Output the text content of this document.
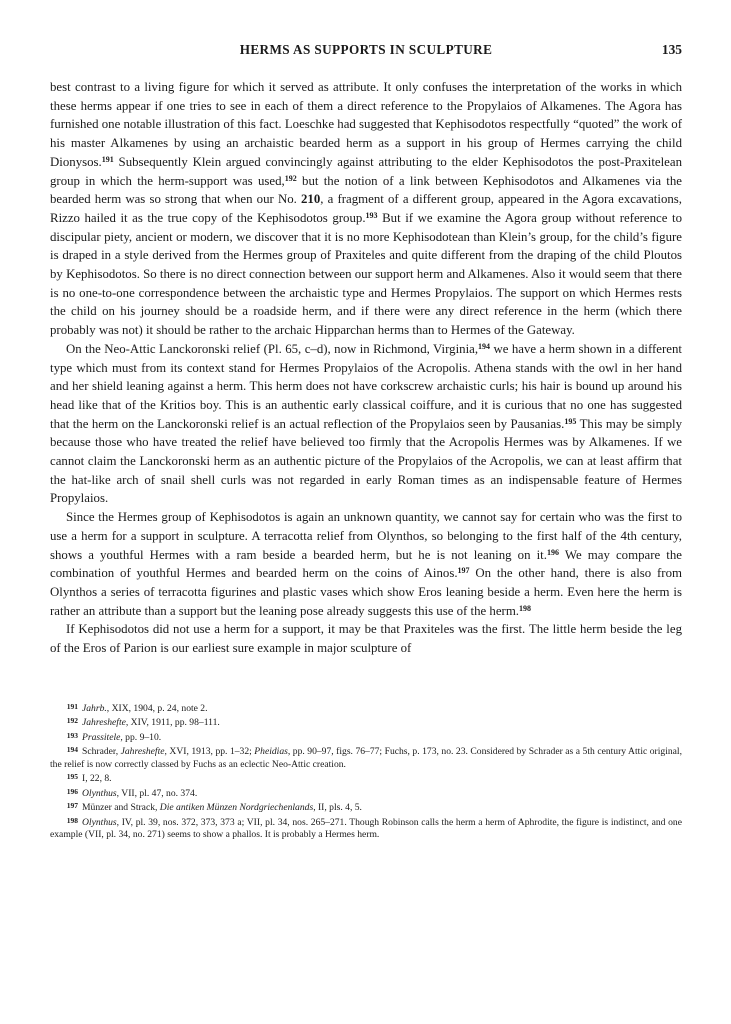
HERMS AS SUPPORTS IN SCULPTURE	135

best contrast to a living figure for which it served as attribute. It only confuses the interpretation of the works in which these herms appear if one tries to see in each of them a direct reference to the Propylaios of Alkamenes. The Agora has furnished one notable illustration of this fact. Loeschke had suggested that Kephisodotos respectfully “quoted” the work of his master Alkamenes by using an archaistic bearded herm as a support in his group of Hermes carrying the child Dionysos.$^{191}$ Subsequently Klein argued convincingly against attributing to the elder Kephisodotos the post-Praxitelean group in which the herm-support was used,$^{192}$ but the notion of a link between Kephisodotos and Alkamenes via the bearded herm was so strong that when our No. 210, a fragment of a different group, appeared in the Agora excavations, Rizzo hailed it as the true copy of the Kephisodotos group.$^{193}$ But if we examine the Agora group without reference to discipular piety, ancient or modern, we discover that it is no more Kephisodotean than Klein’s group, for the child’s figure is draped in a style derived from the Hermes group of Praxiteles and quite different from the draping of the child Ploutos by Kephisodotos. So there is no direct connection between our support herm and Alkamenes. Also it would seem that there is no one-to-one correspondence between the archaistic type and Hermes Propylaios. The support on which Hermes rests the child on his journey should be a roadside herm, and if there were any direct reference in the herm (which there probably was not) it should be rather to the archaic Hipparchan herms than to Hermes of the Gateway.

On the Neo-Attic Lanckoronski relief (Pl. 65, c–d), now in Richmond, Virginia,$^{194}$ we have a herm shown in a different type which must from its context stand for Hermes Propylaios of the Acropolis. Athena stands with the owl in her hand and her shield leaning against a herm. This herm does not have corkscrew archaistic curls; his hair is bound up around his head like that of the Kritios boy. This is an authentic early classical coiffure, and it is curious that no one has suggested that the herm on the Lanckoronski relief is an actual reflection of the Propylaios seen by Pausanias.$^{195}$ This may be simply because those who have treated the relief have believed too firmly that the Acropolis Hermes was by Alkamenes. If we cannot claim the Lanckoronski herm as an authentic picture of the Propylaios of the Acropolis, we can at least affirm that the hat-like arch of snail shell curls was not regarded in early Roman times as an indispensable feature of Hermes Propylaios.

Since the Hermes group of Kephisodotos is again an unknown quantity, we cannot say for certain who was the first to use a herm for a support in sculpture. A terracotta relief from Olynthos, so belonging to the first half of the 4th century, shows a youthful Hermes with a ram beside a bearded herm, but he is not leaning on it.$^{196}$ We may compare the combination of youthful Hermes and bearded herm on the coins of Ainos.$^{197}$ On the other hand, there is also from Olynthos a series of terracotta figurines and plastic vases which show Eros leaning beside a herm. Even here the herm is rather an attribute than a support but the leaning pose already suggests this use of the herm.$^{198}$

If Kephisodotos did not use a herm for a support, it may be that Praxiteles was the first. The little herm beside the leg of the Eros of Parion is our earliest sure example in major sculpture of

191 Jahrb., XIX, 1904, p. 24, note 2.

192 Jahreshefte, XIV, 1911, pp. 98–111.

193 Prassitele, pp. 9–10.

194 Schrader, Jahreshefte, XVI, 1913, pp. 1–32; Pheidias, pp. 90–97, figs. 76–77; Fuchs, p. 173, no. 23. Considered by Schrader as a 5th century Attic original, the relief is now correctly classed by Fuchs as an eclectic Neo-Attic creation.

195 I, 22, 8.

196 Olynthus, VII, pl. 47, no. 374.

197 Münzer and Strack, Die antiken Münzen Nordgriechenlands, II, pls. 4, 5.

198 Olynthus, IV, pl. 39, nos. 372, 373, 373 a; VII, pl. 34, nos. 265–271. Though Robinson calls the herm a herm of Aphrodite, the figure is indistinct, and one example (VII, pl. 34, no. 271) seems to show a phallos. It is probably a Hermes herm.
